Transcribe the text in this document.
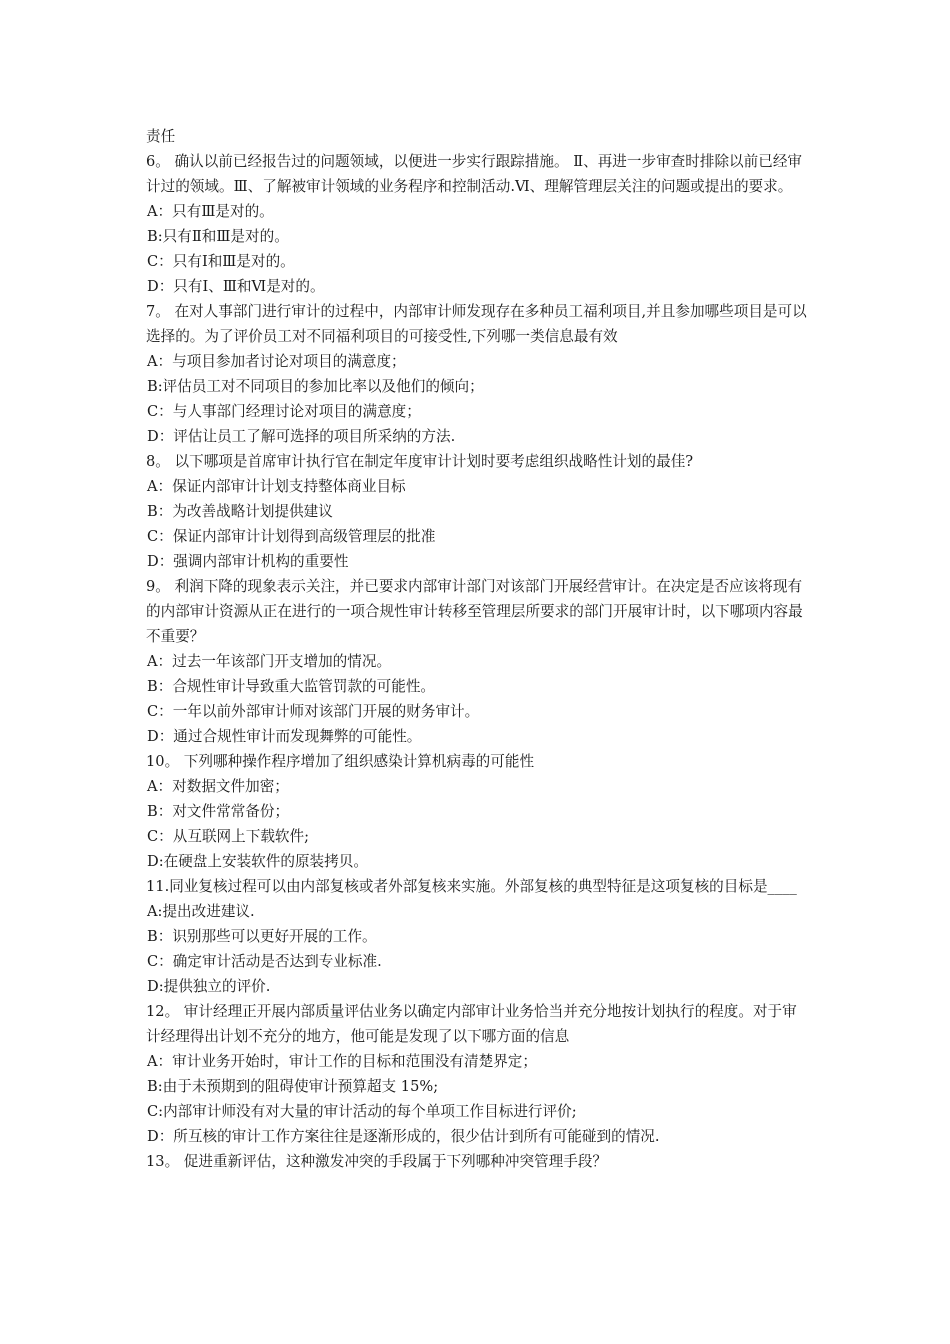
责任
6。 确认以前已经报告过的问题领域，以便进一步实行跟踪措施。 Ⅱ、再进一步审查时排除以前已经审计过的领域。Ⅲ、了解被审计领域的业务程序和控制活动.Ⅵ、理解管理层关注的问题或提出的要求。
A：只有Ⅲ是对的。
B:只有Ⅱ和Ⅲ是对的。
C：只有Ⅰ和Ⅲ是对的。
D：只有Ⅰ、Ⅲ和Ⅵ是对的。
7。 在对人事部门进行审计的过程中，内部审计师发现存在多种员工福利项目,并且参加哪些项目是可以选择的。为了评价员工对不同福利项目的可接受性,下列哪一类信息最有效
A：与项目参加者讨论对项目的满意度；
B:评估员工对不同项目的参加比率以及他们的倾向；
C：与人事部门经理讨论对项目的满意度；
D：评估让员工了解可选择的项目所采纳的方法.
8。 以下哪项是首席审计执行官在制定年度审计计划时要考虑组织战略性计划的最佳?
A：保证内部审计计划支持整体商业目标
B：为改善战略计划提供建议
C：保证内部审计计划得到高级管理层的批准
D：强调内部审计机构的重要性
9。 利润下降的现象表示关注，并已要求内部审计部门对该部门开展经营审计。在决定是否应该将现有的内部审计资源从正在进行的一项合规性审计转移至管理层所要求的部门开展审计时，以下哪项内容最不重要？
A：过去一年该部门开支增加的情况。
B：合规性审计导致重大监管罚款的可能性。
C：一年以前外部审计师对该部门开展的财务审计。
D：通过合规性审计而发现舞弊的可能性。
10。 下列哪种操作程序增加了组织感染计算机病毒的可能性
A：对数据文件加密；
B：对文件常常备份；
C：从互联网上下载软件;
D:在硬盘上安装软件的原装拷贝。
11.同业复核过程可以由内部复核或者外部复核来实施。外部复核的典型特征是这项复核的目标是____
A:提出改进建议.
B：识别那些可以更好开展的工作。
C：确定审计活动是否达到专业标准.
D:提供独立的评价.
12。 审计经理正开展内部质量评估业务以确定内部审计业务恰当并充分地按计划执行的程度。对于审计经理得出计划不充分的地方，他可能是发现了以下哪方面的信息
A：审计业务开始时，审计工作的目标和范围没有清楚界定；
B:由于未预期到的阻碍使审计预算超支 15%;
C:内部审计师没有对大量的审计活动的每个单项工作目标进行评价;
D：所互核的审计工作方案往往是逐渐形成的，很少估计到所有可能碰到的情况.
13。 促进重新评估，这种激发冲突的手段属于下列哪种冲突管理手段？
